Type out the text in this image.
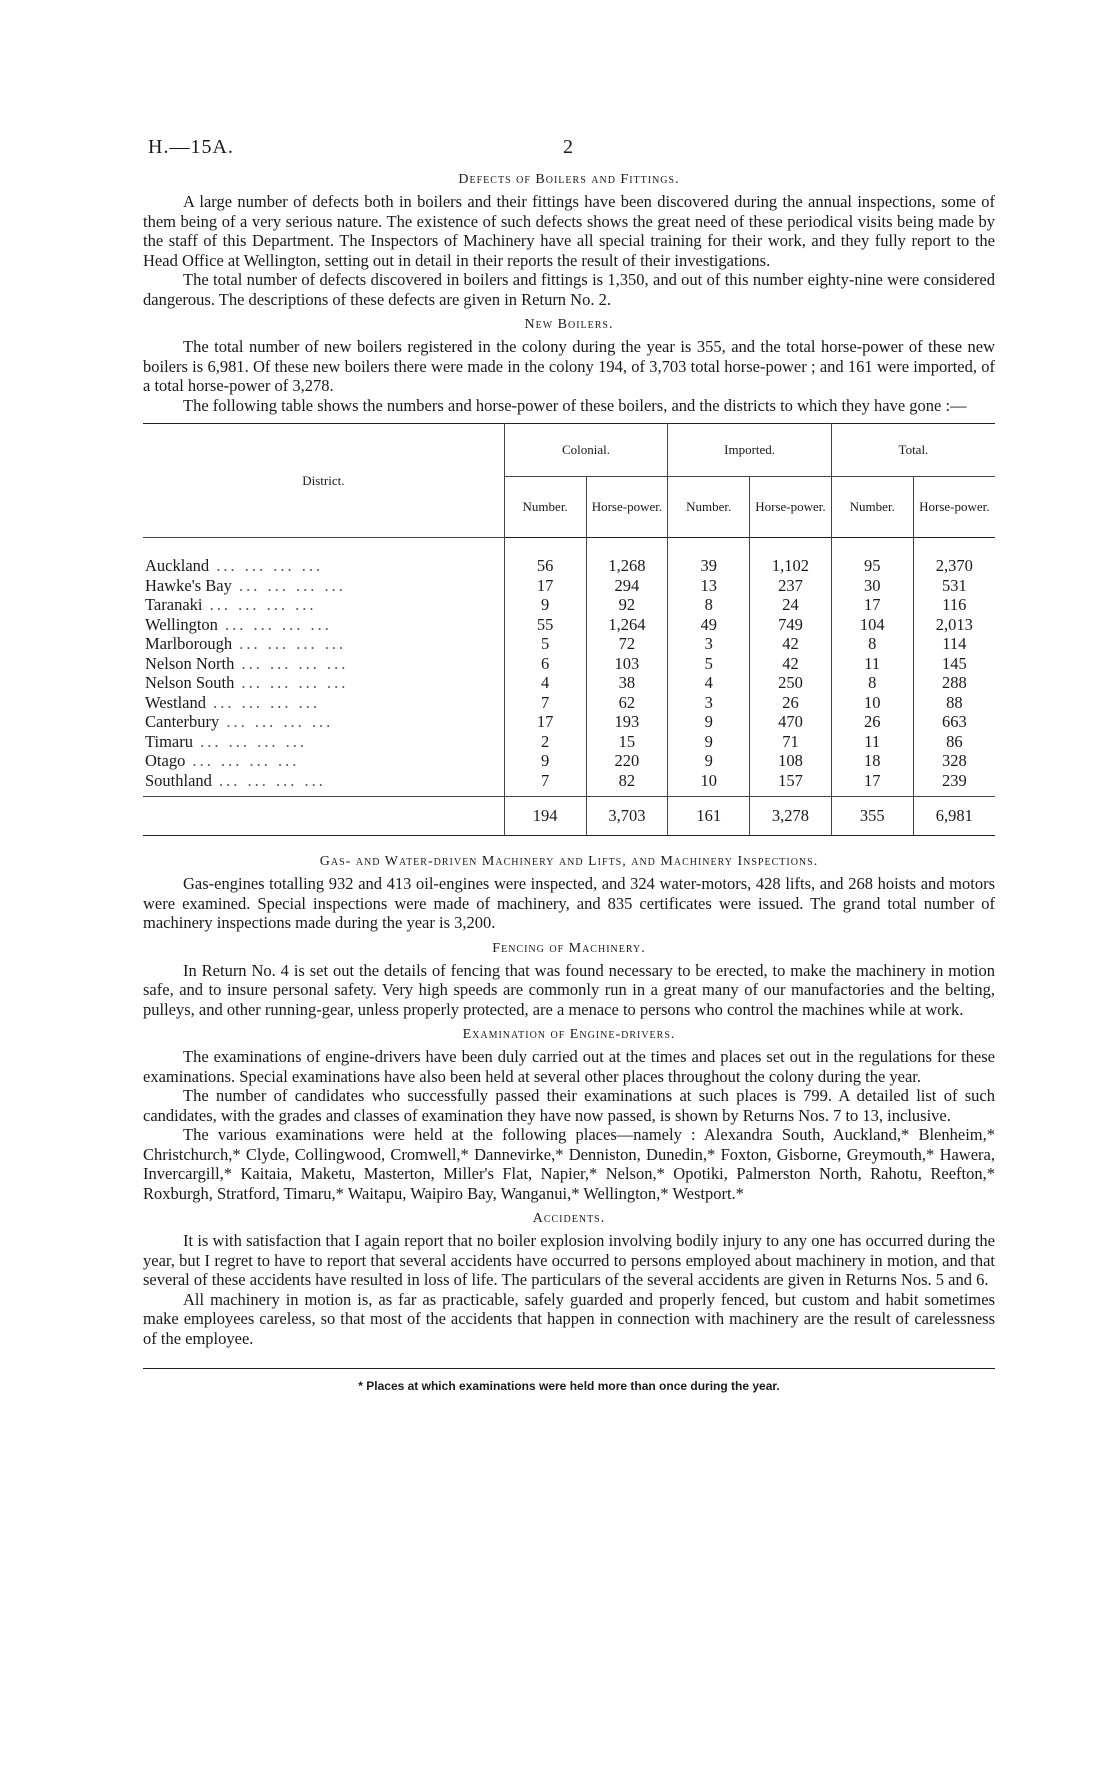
H.—15A.	2
Defects of Boilers and Fittings.

A large number of defects both in boilers and their fittings have been discovered during the annual inspections, some of them being of a very serious nature. The existence of such defects shows the great need of these periodical visits being made by the staff of this Department. The Inspectors of Machinery have all special training for their work, and they fully report to the Head Office at Wellington, setting out in detail in their reports the result of their investigations.

The total number of defects discovered in boilers and fittings is 1,350, and out of this number eighty-nine were considered dangerous. The descriptions of these defects are given in Return No. 2.

New Boilers.

The total number of new boilers registered in the colony during the year is 355, and the total horse-power of these new boilers is 6,981. Of these new boilers there were made in the colony 194, of 3,703 total horse-power ; and 161 were imported, of a total horse-power of 3,278.

The following table shows the numbers and horse-power of these boilers, and the districts to which they have gone :—

District.	Colonial.		Imported.		Total.	
	Number.	Horse-power.	Number.	Horse-power.	Number.	Horse-power.
Auckland ... ... ... ...	56	1,268	39	1,102	95	2,370
Hawke's Bay ... ... ... ...	17	294	13	237	30	531
Taranaki ... ... ... ...	9	92	8	24	17	116
Wellington ... ... ... ...	55	1,264	49	749	104	2,013
Marlborough ... ... ... ...	5	72	3	42	8	114
Nelson North ... ... ... ...	6	103	5	42	11	145
Nelson South ... ... ... ...	4	38	4	250	8	288
Westland ... ... ... ...	7	62	3	26	10	88
Canterbury ... ... ... ...	17	193	9	470	26	663
Timaru ... ... ... ...	2	15	9	71	11	86
Otago ... ... ... ...	9	220	9	108	18	328
Southland ... ... ... ...	7	82	10	157	17	239
	194	3,703	161	3,278	355	6,981
Gas- and Water-driven Machinery and Lifts, and Machinery Inspections.

Gas-engines totalling 932 and 413 oil-engines were inspected, and 324 water-motors, 428 lifts, and 268 hoists and motors were examined. Special inspections were made of machinery, and 835 certificates were issued. The grand total number of machinery inspections made during the year is 3,200.

Fencing of Machinery.

In Return No. 4 is set out the details of fencing that was found necessary to be erected, to make the machinery in motion safe, and to insure personal safety. Very high speeds are commonly run in a great many of our manufactories and the belting, pulleys, and other running-gear, unless properly protected, are a menace to persons who control the machines while at work.

Examination of Engine-drivers.

The examinations of engine-drivers have been duly carried out at the times and places set out in the regulations for these examinations. Special examinations have also been held at several other places throughout the colony during the year.

The number of candidates who successfully passed their examinations at such places is 799. A detailed list of such candidates, with the grades and classes of examination they have now passed, is shown by Returns Nos. 7 to 13, inclusive.

The various examinations were held at the following places—namely : Alexandra South, Auckland,* Blenheim,* Christchurch,* Clyde, Collingwood, Cromwell,* Dannevirke,* Denniston, Dunedin,* Foxton, Gisborne, Greymouth,* Hawera, Invercargill,* Kaitaia, Maketu, Masterton, Miller's Flat, Napier,* Nelson,* Opotiki, Palmerston North, Rahotu, Reefton,* Roxburgh, Stratford, Timaru,* Waitapu, Waipiro Bay, Wanganui,* Wellington,* Westport.*

Accidents.

It is with satisfaction that I again report that no boiler explosion involving bodily injury to any one has occurred during the year, but I regret to have to report that several accidents have occurred to persons employed about machinery in motion, and that several of these accidents have resulted in loss of life. The particulars of the several accidents are given in Returns Nos. 5 and 6.

All machinery in motion is, as far as practicable, safely guarded and properly fenced, but custom and habit sometimes make employees careless, so that most of the accidents that happen in connection with machinery are the result of carelessness of the employee.

* Places at which examinations were held more than once during the year.
